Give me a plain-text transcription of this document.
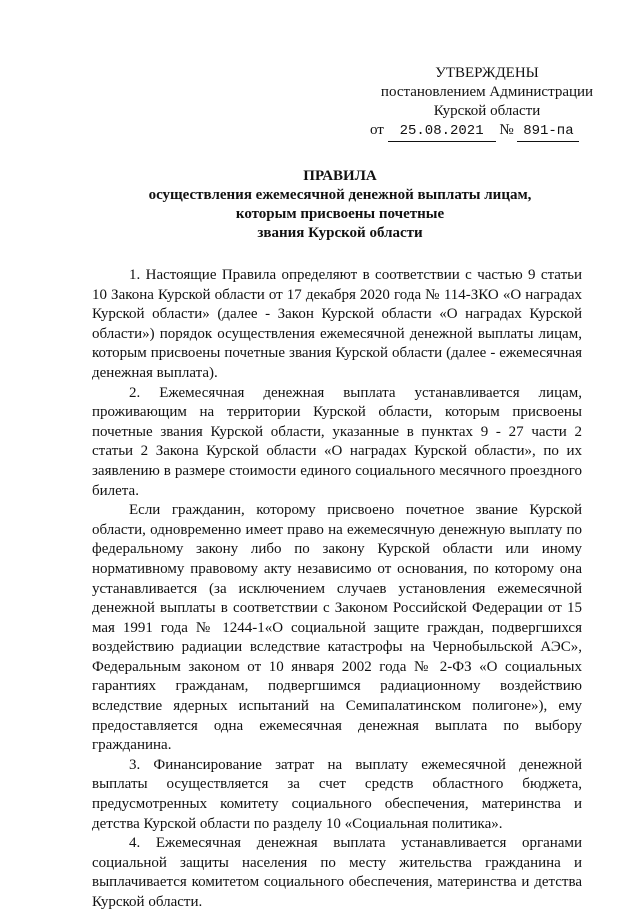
УТВЕРЖДЕНЫ
постановлением Администрации
Курской области
от 25.08.2021 № 891-па
ПРАВИЛА
осуществления ежемесячной денежной выплаты лицам,
которым присвоены почетные
звания Курской области

1. Настоящие Правила определяют в соответствии с частью 9 статьи 10 Закона Курской области от 17 декабря 2020 года № 114-ЗКО «О наградах Курской области» (далее - Закон Курской области «О наградах Курской области») порядок осуществления ежемесячной денежной выплаты лицам, которым присвоены почетные звания Курской области (далее - ежемесячная денежная выплата).

2. Ежемесячная денежная выплата устанавливается лицам, проживающим на территории Курской области, которым присвоены почетные звания Курской области, указанные в пунктах 9 - 27 части 2 статьи 2 Закона Курской области «О наградах Курской области», по их заявлению в размере стоимости единого социального месячного проездного билета.

Если гражданин, которому присвоено почетное звание Курской области, одновременно имеет право на ежемесячную денежную выплату по федеральному закону либо по закону Курской области или иному нормативному правовому акту независимо от основания, по которому она устанавливается (за исключением случаев установления ежемесячной денежной выплаты в соответствии с Законом Российской Федерации от 15 мая 1991 года № 1244-1«О социальной защите граждан, подвергшихся воздействию радиации вследствие катастрофы на Чернобыльской АЭС», Федеральным законом от 10 января 2002 года № 2-ФЗ «О социальных гарантиях гражданам, подвергшимся радиационному воздействию вследствие ядерных испытаний на Семипалатинском полигоне»), ему предоставляется одна ежемесячная денежная выплата по выбору гражданина.

3. Финансирование затрат на выплату ежемесячной денежной выплаты осуществляется за счет средств областного бюджета, предусмотренных комитету социального обеспечения, материнства и детства Курской области по разделу 10 «Социальная политика».

4. Ежемесячная денежная выплата устанавливается органами социальной защиты населения по месту жительства гражданина и выплачивается комитетом социального обеспечения, материнства и детства Курской области.
